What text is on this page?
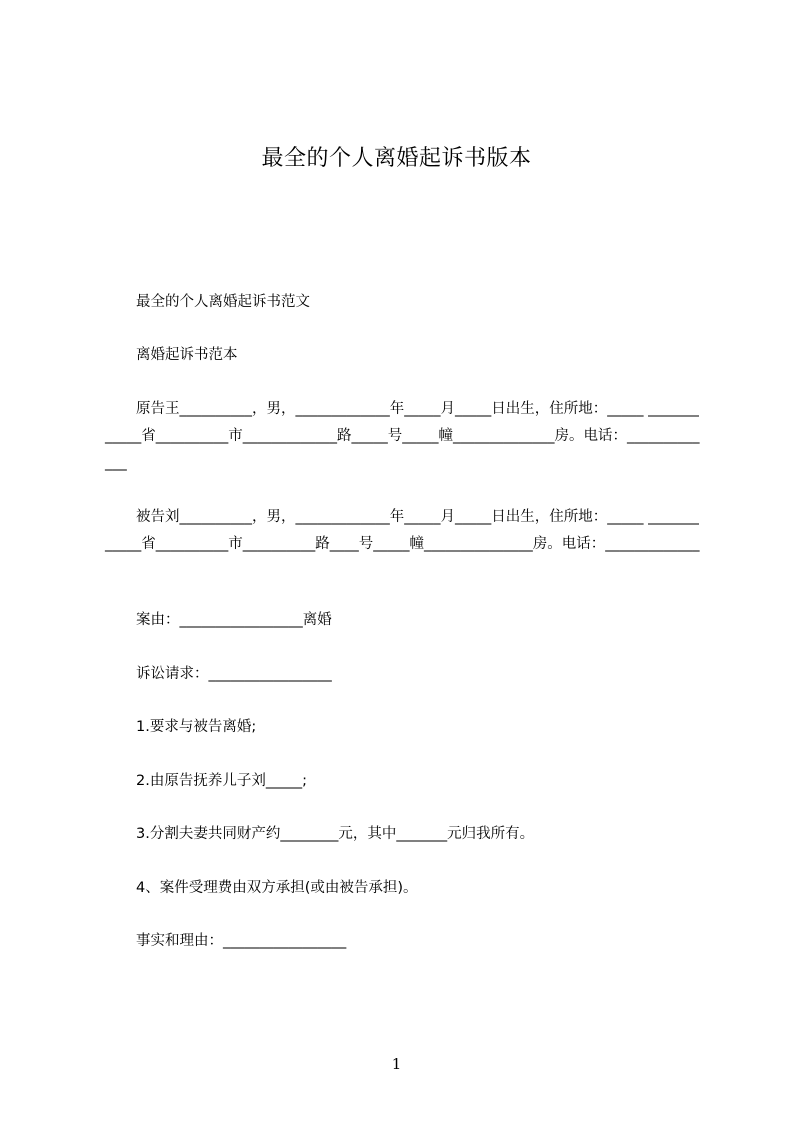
最全的个人离婚起诉书版本

最全的个人离婚起诉书范文

离婚起诉书范本

原告王__________，男，_____________年_____月_____日出生，住所地：_____ ____________省__________市_____________路_____号_____幢______________房。电话：_____________

被告刘__________，男，_____________年_____月_____日出生，住所地：_____ ____________省__________市__________路____号_____幢_______________房。电话：_____________

案由：_________________离婚

诉讼请求：_________________

1.要求与被告离婚;

2.由原告抚养儿子刘_____;

3.分割夫妻共同财产约________元，其中_______元归我所有。

4、案件受理费由双方承担(或由被告承担)。

事实和理由：_________________

1
